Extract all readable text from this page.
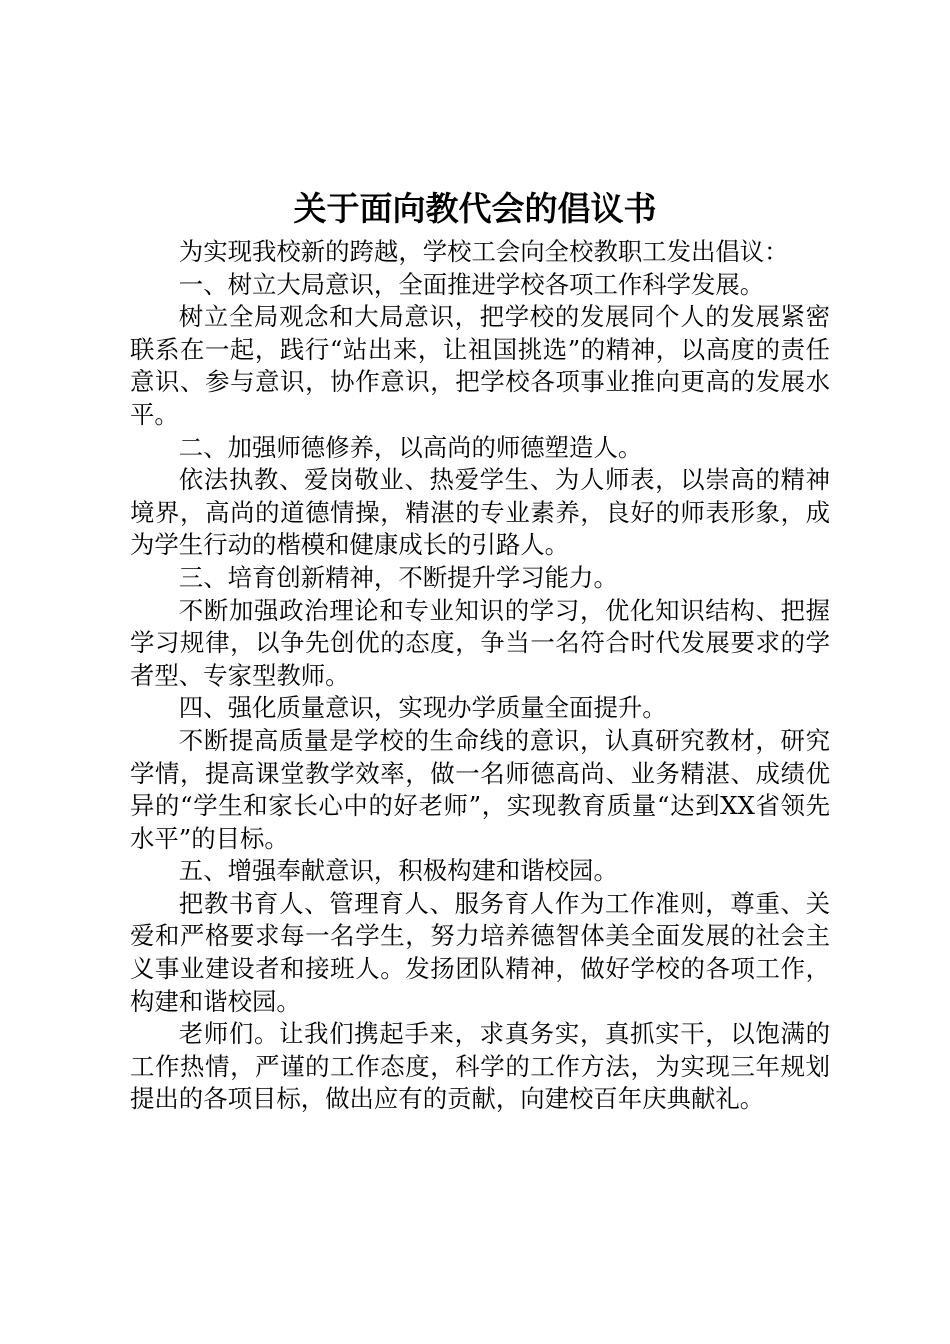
关于面向教代会的倡议书

为实现我校新的跨越，学校工会向全校教职工发出倡议：

一、树立大局意识，全面推进学校各项工作科学发展。

树立全局观念和大局意识，把学校的发展同个人的发展紧密联系在一起，践行“站出来，让祖国挑选”的精神，以高度的责任意识、参与意识，协作意识，把学校各项事业推向更高的发展水平。

二、加强师德修养，以高尚的师德塑造人。

依法执教、爱岗敬业、热爱学生、为人师表，以崇高的精神境界，高尚的道德情操，精湛的专业素养，良好的师表形象，成为学生行动的楷模和健康成长的引路人。

三、培育创新精神，不断提升学习能力。

不断加强政治理论和专业知识的学习，优化知识结构、把握学习规律，以争先创优的态度，争当一名符合时代发展要求的学者型、专家型教师。

四、强化质量意识，实现办学质量全面提升。

不断提高质量是学校的生命线的意识，认真研究教材，研究学情，提高课堂教学效率，做一名师德高尚、业务精湛、成绩优异的“学生和家长心中的好老师”，实现教育质量“达到XX省领先水平”的目标。

五、增强奉献意识，积极构建和谐校园。

把教书育人、管理育人、服务育人作为工作准则，尊重、关爱和严格要求每一名学生，努力培养德智体美全面发展的社会主义事业建设者和接班人。发扬团队精神，做好学校的各项工作，构建和谐校园。

老师们。让我们携起手来，求真务实，真抓实干，以饱满的工作热情，严谨的工作态度，科学的工作方法，为实现三年规划提出的各项目标，做出应有的贡献，向建校百年庆典献礼。
